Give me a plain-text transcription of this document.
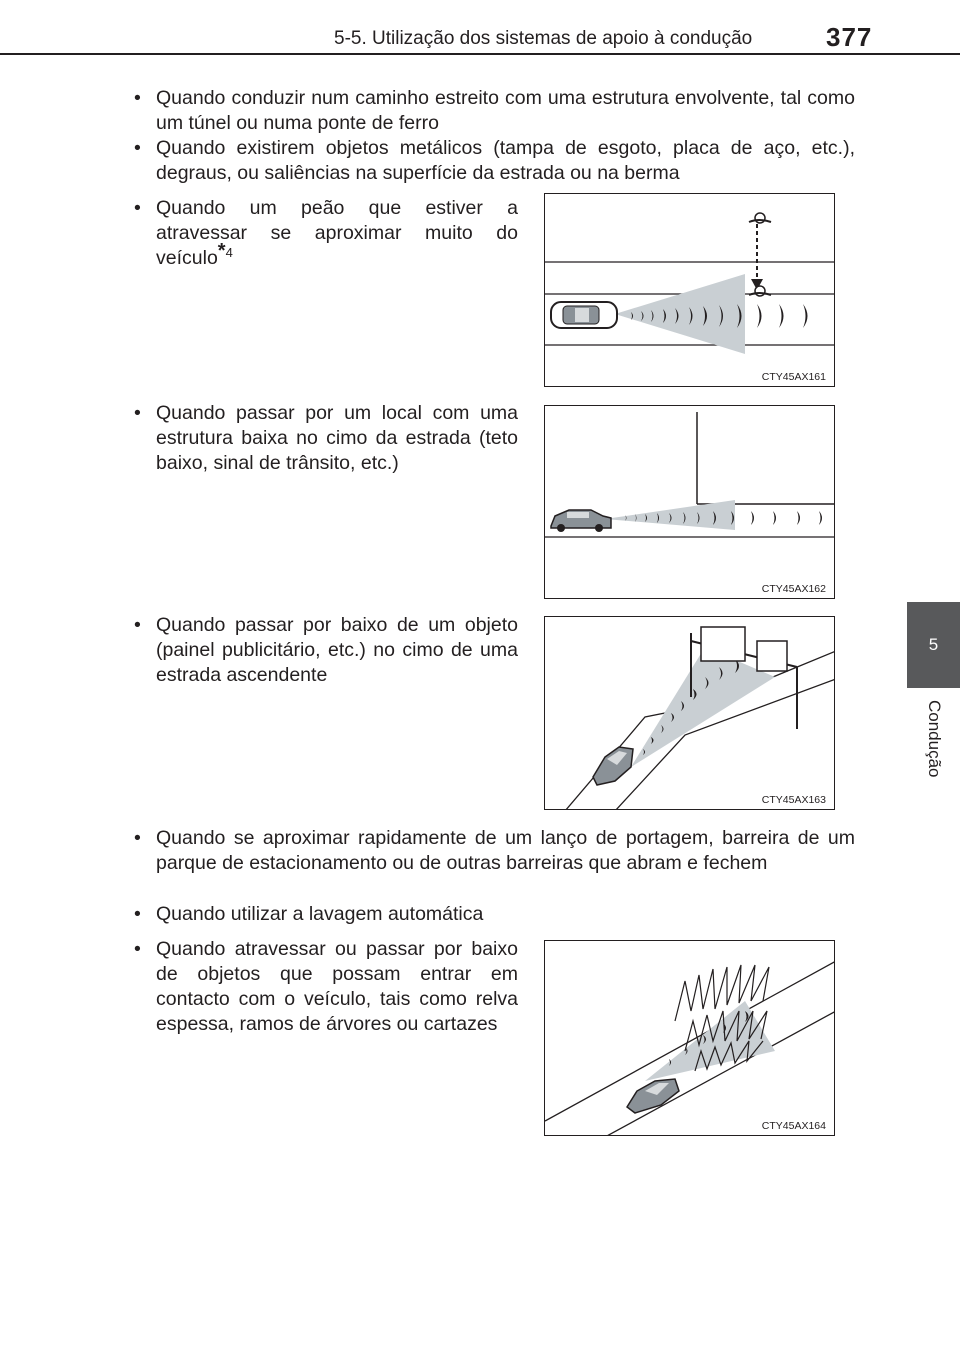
5-5. Utilização dos sistemas de apoio à condução	377
5
Condução
• Quando conduzir num caminho estreito com uma estrutura envolvente, tal como um túnel ou numa ponte de ferro
• Quando existirem objetos metálicos (tampa de esgoto, placa de aço, etc.), degraus, ou saliências na superfície da estrada ou na berma
• Quando um peão que estiver a atravessar se aproximar muito do veículo$^{*4}$
CTY45AX161
• Quando passar por um local com uma estrutura baixa no cimo da estrada (teto baixo, sinal de trânsito, etc.)
CTY45AX162
• Quando passar por baixo de um objeto (painel publicitário, etc.) no cimo de uma estrada ascendente
CTY45AX163
• Quando se aproximar rapidamente de um lanço de portagem, barreira de um parque de estacionamento ou de outras barreiras que abram e fechem
• Quando utilizar a lavagem automática
• Quando atravessar ou passar por baixo de objetos que possam entrar em contacto com o veículo, tais como relva espessa, ramos de árvores ou cartazes
CTY45AX164
